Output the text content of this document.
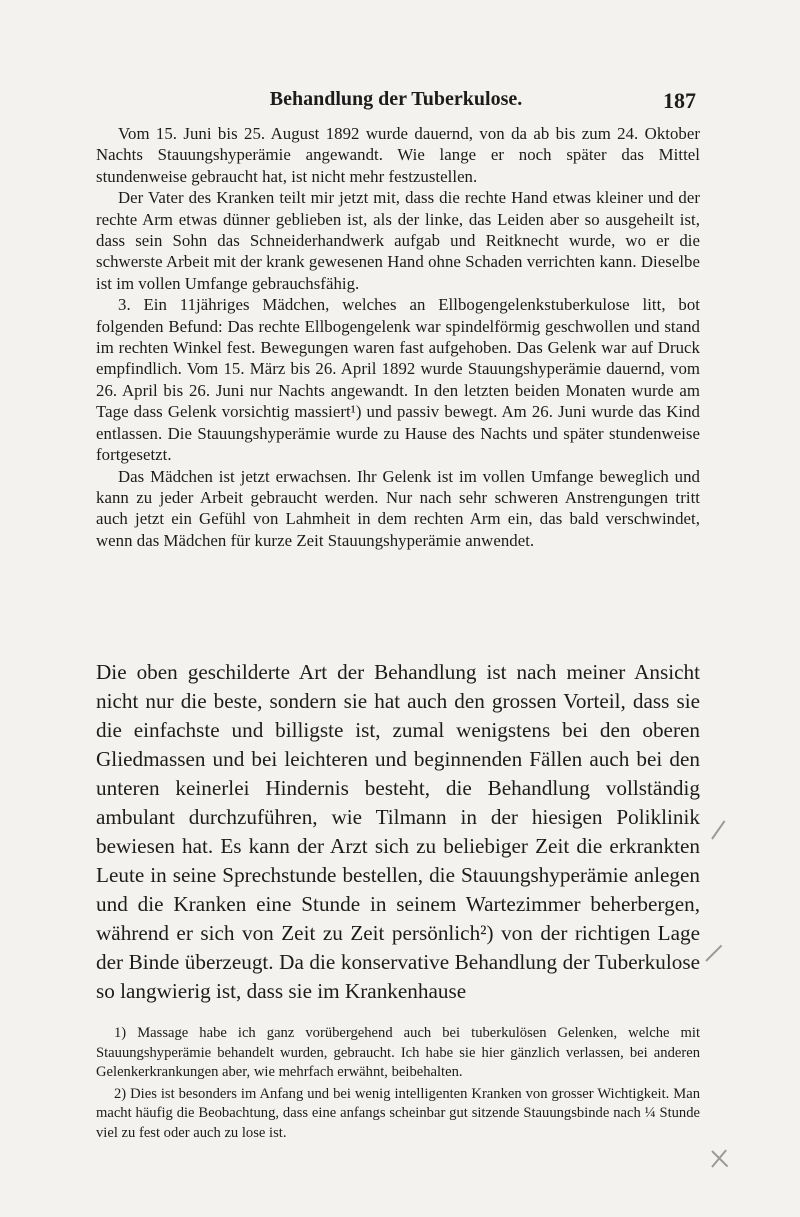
Behandlung der Tuberkulose.	187

Vom 15. Juni bis 25. August 1892 wurde dauernd, von da ab bis zum 24. Oktober Nachts Stauungshyperämie angewandt. Wie lange er noch später das Mittel stundenweise gebraucht hat, ist nicht mehr festzustellen.

Der Vater des Kranken teilt mir jetzt mit, dass die rechte Hand etwas kleiner und der rechte Arm etwas dünner geblieben ist, als der linke, das Leiden aber so ausgeheilt ist, dass sein Sohn das Schneiderhandwerk aufgab und Reitknecht wurde, wo er die schwerste Arbeit mit der krank gewesenen Hand ohne Schaden verrichten kann. Dieselbe ist im vollen Umfange gebrauchsfähig.

3. Ein 11jähriges Mädchen, welches an Ellbogengelenkstuberkulose litt, bot folgenden Befund: Das rechte Ellbogengelenk war spindelförmig geschwollen und stand im rechten Winkel fest. Bewegungen waren fast aufgehoben. Das Gelenk war auf Druck empfindlich. Vom 15. März bis 26. April 1892 wurde Stauungshyperämie dauernd, vom 26. April bis 26. Juni nur Nachts angewandt. In den letzten beiden Monaten wurde am Tage dass Gelenk vorsichtig massiert¹) und passiv bewegt. Am 26. Juni wurde das Kind entlassen. Die Stauungshyperämie wurde zu Hause des Nachts und später stundenweise fortgesetzt.

Das Mädchen ist jetzt erwachsen. Ihr Gelenk ist im vollen Umfange beweglich und kann zu jeder Arbeit gebraucht werden. Nur nach sehr schweren Anstrengungen tritt auch jetzt ein Gefühl von Lahmheit in dem rechten Arm ein, das bald verschwindet, wenn das Mädchen für kurze Zeit Stauungshyperämie anwendet.

Die oben geschilderte Art der Behandlung ist nach meiner Ansicht nicht nur die beste, sondern sie hat auch den grossen Vorteil, dass sie die einfachste und billigste ist, zumal wenigstens bei den oberen Gliedmassen und bei leichteren und beginnenden Fällen auch bei den unteren keinerlei Hindernis besteht, die Behandlung vollständig ambulant durchzuführen, wie Tilmann in der hiesigen Poliklinik bewiesen hat. Es kann der Arzt sich zu beliebiger Zeit die erkrankten Leute in seine Sprechstunde bestellen, die Stauungshyperämie anlegen und die Kranken eine Stunde in seinem Wartezimmer beherbergen, während er sich von Zeit zu Zeit persönlich²) von der richtigen Lage der Binde überzeugt. Da die konservative Behandlung der Tuberkulose so langwierig ist, dass sie im Krankenhause

1) Massage habe ich ganz vorübergehend auch bei tuberkulösen Gelenken, welche mit Stauungshyperämie behandelt wurden, gebraucht. Ich habe sie hier gänzlich verlassen, bei anderen Gelenkerkrankungen aber, wie mehrfach erwähnt, beibehalten.

2) Dies ist besonders im Anfang und bei wenig intelligenten Kranken von grosser Wichtigkeit. Man macht häufig die Beobachtung, dass eine anfangs scheinbar gut sitzende Stauungsbinde nach ¼ Stunde viel zu fest oder auch zu lose ist.
